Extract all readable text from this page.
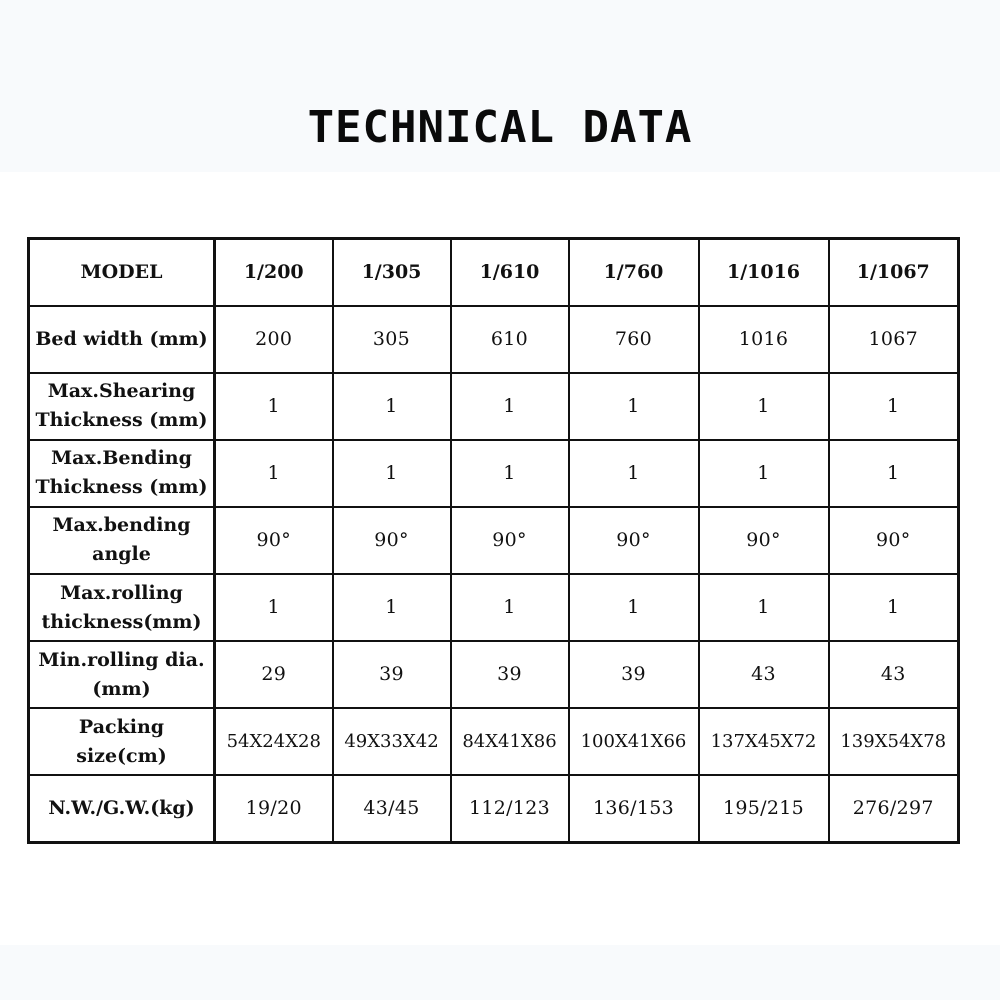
TECHNICAL DATA
MODEL	1/200	1/305	1/610	1/760	1/1016	1/1067
Bed width (mm)	200	305	610	760	1016	1067
Max.Shearing Thickness (mm)	1	1	1	1	1	1
Max.Bending Thickness (mm)	1	1	1	1	1	1
Max.bending angle	90°	90°	90°	90°	90°	90°
Max.rolling thickness(mm)	1	1	1	1	1	1
Min.rolling dia.(mm)	29	39	39	39	43	43
Packing size(cm)	54X24X28	49X33X42	84X41X86	100X41X66	137X45X72	139X54X78
N.W./G.W.(kg)	19/20	43/45	112/123	136/153	195/215	276/297
